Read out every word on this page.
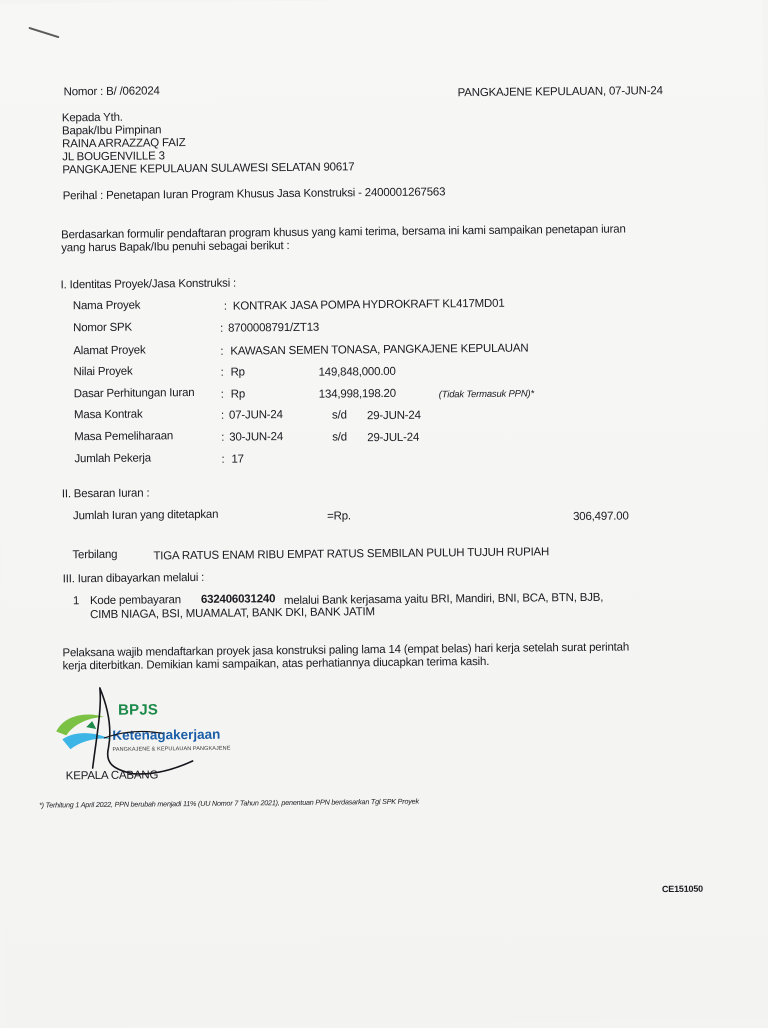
Nomor : B/ /062024	PANGKAJENE KEPULAUAN, 07-JUN-24
Kepada Yth.
Bapak/Ibu Pimpinan
RAINA ARRAZZAQ FAIZ
JL BOUGENVILLE 3
PANGKAJENE KEPULAUAN SULAWESI SELATAN 90617
Perihal : Penetapan Iuran Program Khusus Jasa Konstruksi - 2400001267563
Berdasarkan formulir pendaftaran program khusus yang kami terima, bersama ini kami sampaikan penetapan iuran
yang harus Bapak/Ibu penuhi sebagai berikut :
I. Identitas Proyek/Jasa Konstruksi :
Nama Proyek	: KONTRAK JASA POMPA HYDROKRAFT KL417MD01
Nomor SPK	: 8700008791/ZT13
Alamat Proyek	: KAWASAN SEMEN TONASA, PANGKAJENE KEPULAUAN
Nilai Proyek	: Rp	149,848,000.00
Dasar Perhitungan Iuran : Rp	134,998,198.20	(Tidak Termasuk PPN)*
Masa Kontrak	: 07-JUN-24	s/d 29-JUN-24
Masa Pemeliharaan	: 30-JUN-24	s/d 29-JUL-24
Jumlah Pekerja	: 17
II. Besaran Iuran :
Jumlah Iuran yang ditetapkan	=Rp.	306,497.00
Terbilang	TIGA RATUS ENAM RIBU EMPAT RATUS SEMBILAN PULUH TUJUH RUPIAH
III. Iuran dibayarkan melalui :
1 Kode pembayaran 632406031240 melalui Bank kerjasama yaitu BRI, Mandiri, BNI, BCA, BTN, BJB,
CIMB NIAGA, BSI, MUAMALAT, BANK DKI, BANK JATIM
Pelaksana wajib mendaftarkan proyek jasa konstruksi paling lama 14 (empat belas) hari kerja setelah surat perintah
kerja diterbitkan. Demikian kami sampaikan, atas perhatiannya diucapkan terima kasih.
BPJS
Ketenagakerjaan
PANGKAJENE & KEPULAUAN PANGKAJENE
KEPALA CABANG
*) Terhitung 1 April 2022, PPN berubah menjadi 11% (UU Nomor 7 Tahun 2021), penentuan PPN berdasarkan Tgl SPK Proyek
CE151050
